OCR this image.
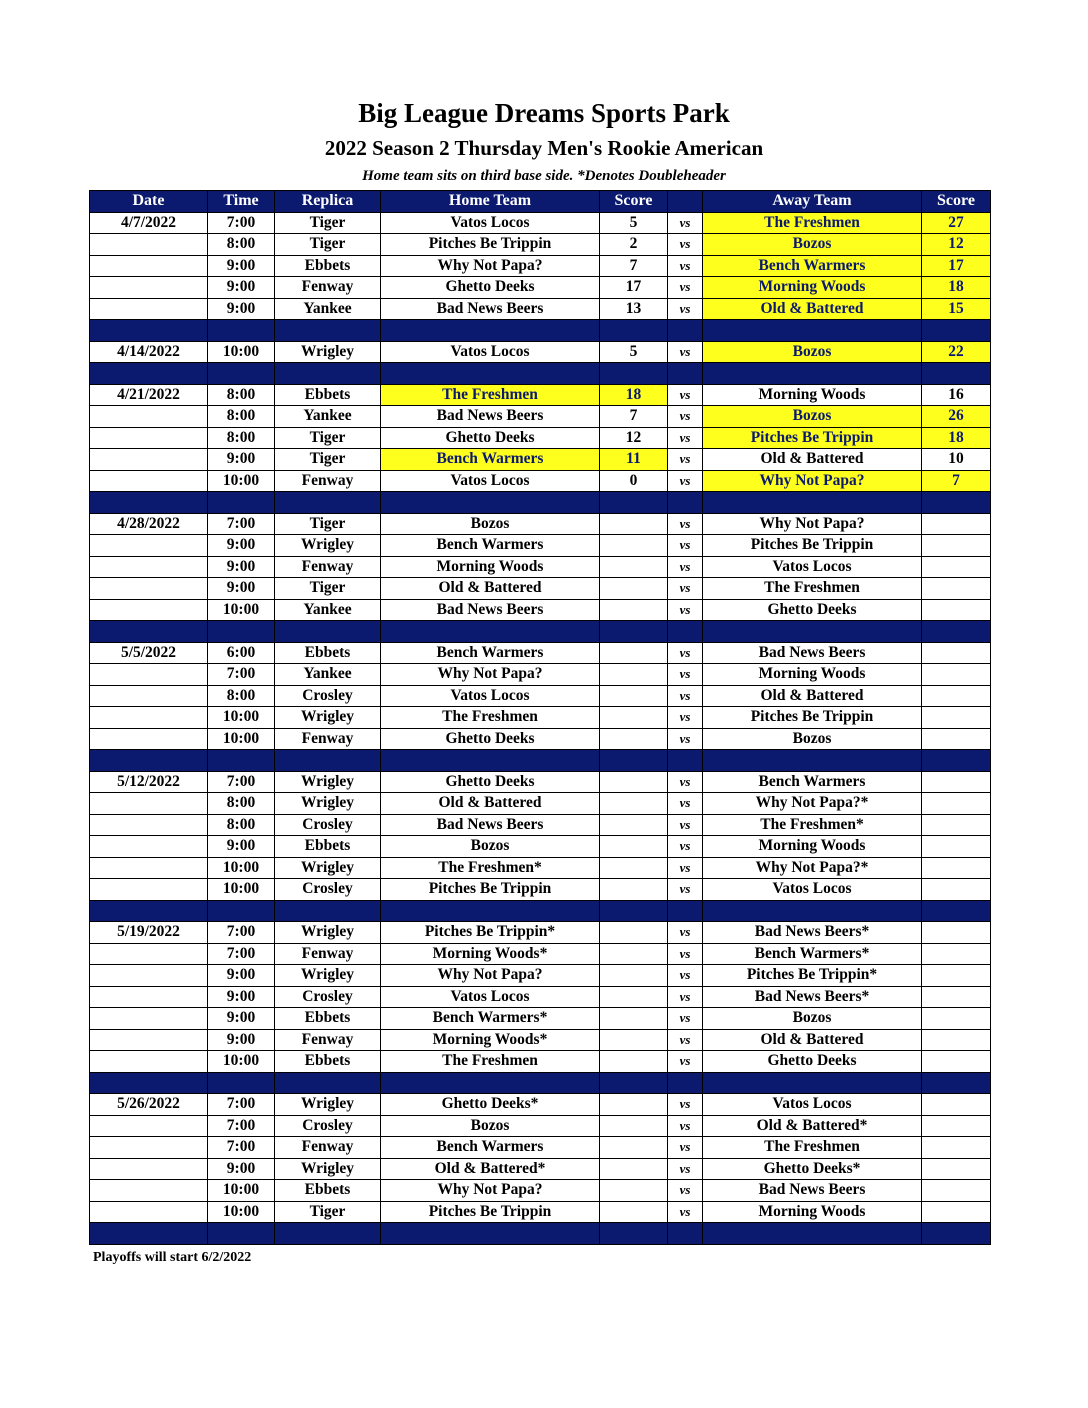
Big League Dreams Sports Park
2022 Season 2 Thursday Men's Rookie American
Home team sits on third base side. *Denotes Doubleheader
Date	Time	Replica	Home Team	Score		Away Team	Score
4/7/2022	7:00	Tiger	Vatos Locos	5	vs	The Freshmen	27
	8:00	Tiger	Pitches Be Trippin	2	vs	Bozos	12
	9:00	Ebbets	Why Not Papa?	7	vs	Bench Warmers	17
	9:00	Fenway	Ghetto Deeks	17	vs	Morning Woods	18
	9:00	Yankee	Bad News Beers	13	vs	Old & Battered	15

4/14/2022	10:00	Wrigley	Vatos Locos	5	vs	Bozos	22

4/21/2022	8:00	Ebbets	The Freshmen	18	vs	Morning Woods	16
	8:00	Yankee	Bad News Beers	7	vs	Bozos	26
	8:00	Tiger	Ghetto Deeks	12	vs	Pitches Be Trippin	18
	9:00	Tiger	Bench Warmers	11	vs	Old & Battered	10
	10:00	Fenway	Vatos Locos	0	vs	Why Not Papa?	7

4/28/2022	7:00	Tiger	Bozos		vs	Why Not Papa?	
	9:00	Wrigley	Bench Warmers		vs	Pitches Be Trippin	
	9:00	Fenway	Morning Woods		vs	Vatos Locos	
	9:00	Tiger	Old & Battered		vs	The Freshmen	
	10:00	Yankee	Bad News Beers		vs	Ghetto Deeks	

5/5/2022	6:00	Ebbets	Bench Warmers		vs	Bad News Beers	
	7:00	Yankee	Why Not Papa?		vs	Morning Woods	
	8:00	Crosley	Vatos Locos		vs	Old & Battered	
	10:00	Wrigley	The Freshmen		vs	Pitches Be Trippin	
	10:00	Fenway	Ghetto Deeks		vs	Bozos	

5/12/2022	7:00	Wrigley	Ghetto Deeks		vs	Bench Warmers	
	8:00	Wrigley	Old & Battered		vs	Why Not Papa?*	
	8:00	Crosley	Bad News Beers		vs	The Freshmen*	
	9:00	Ebbets	Bozos		vs	Morning Woods	
	10:00	Wrigley	The Freshmen*		vs	Why Not Papa?*	
	10:00	Crosley	Pitches Be Trippin		vs	Vatos Locos	

5/19/2022	7:00	Wrigley	Pitches Be Trippin*		vs	Bad News Beers*	
	7:00	Fenway	Morning Woods*		vs	Bench Warmers*	
	9:00	Wrigley	Why Not Papa?		vs	Pitches Be Trippin*	
	9:00	Crosley	Vatos Locos		vs	Bad News Beers*	
	9:00	Ebbets	Bench Warmers*		vs	Bozos	
	9:00	Fenway	Morning Woods*		vs	Old & Battered	
	10:00	Ebbets	The Freshmen		vs	Ghetto Deeks	

5/26/2022	7:00	Wrigley	Ghetto Deeks*		vs	Vatos Locos	
	7:00	Crosley	Bozos		vs	Old & Battered*	
	7:00	Fenway	Bench Warmers		vs	The Freshmen	
	9:00	Wrigley	Old & Battered*		vs	Ghetto Deeks*	
	10:00	Ebbets	Why Not Papa?		vs	Bad News Beers	
	10:00	Tiger	Pitches Be Trippin		vs	Morning Woods	

Playoffs will start 6/2/2022
